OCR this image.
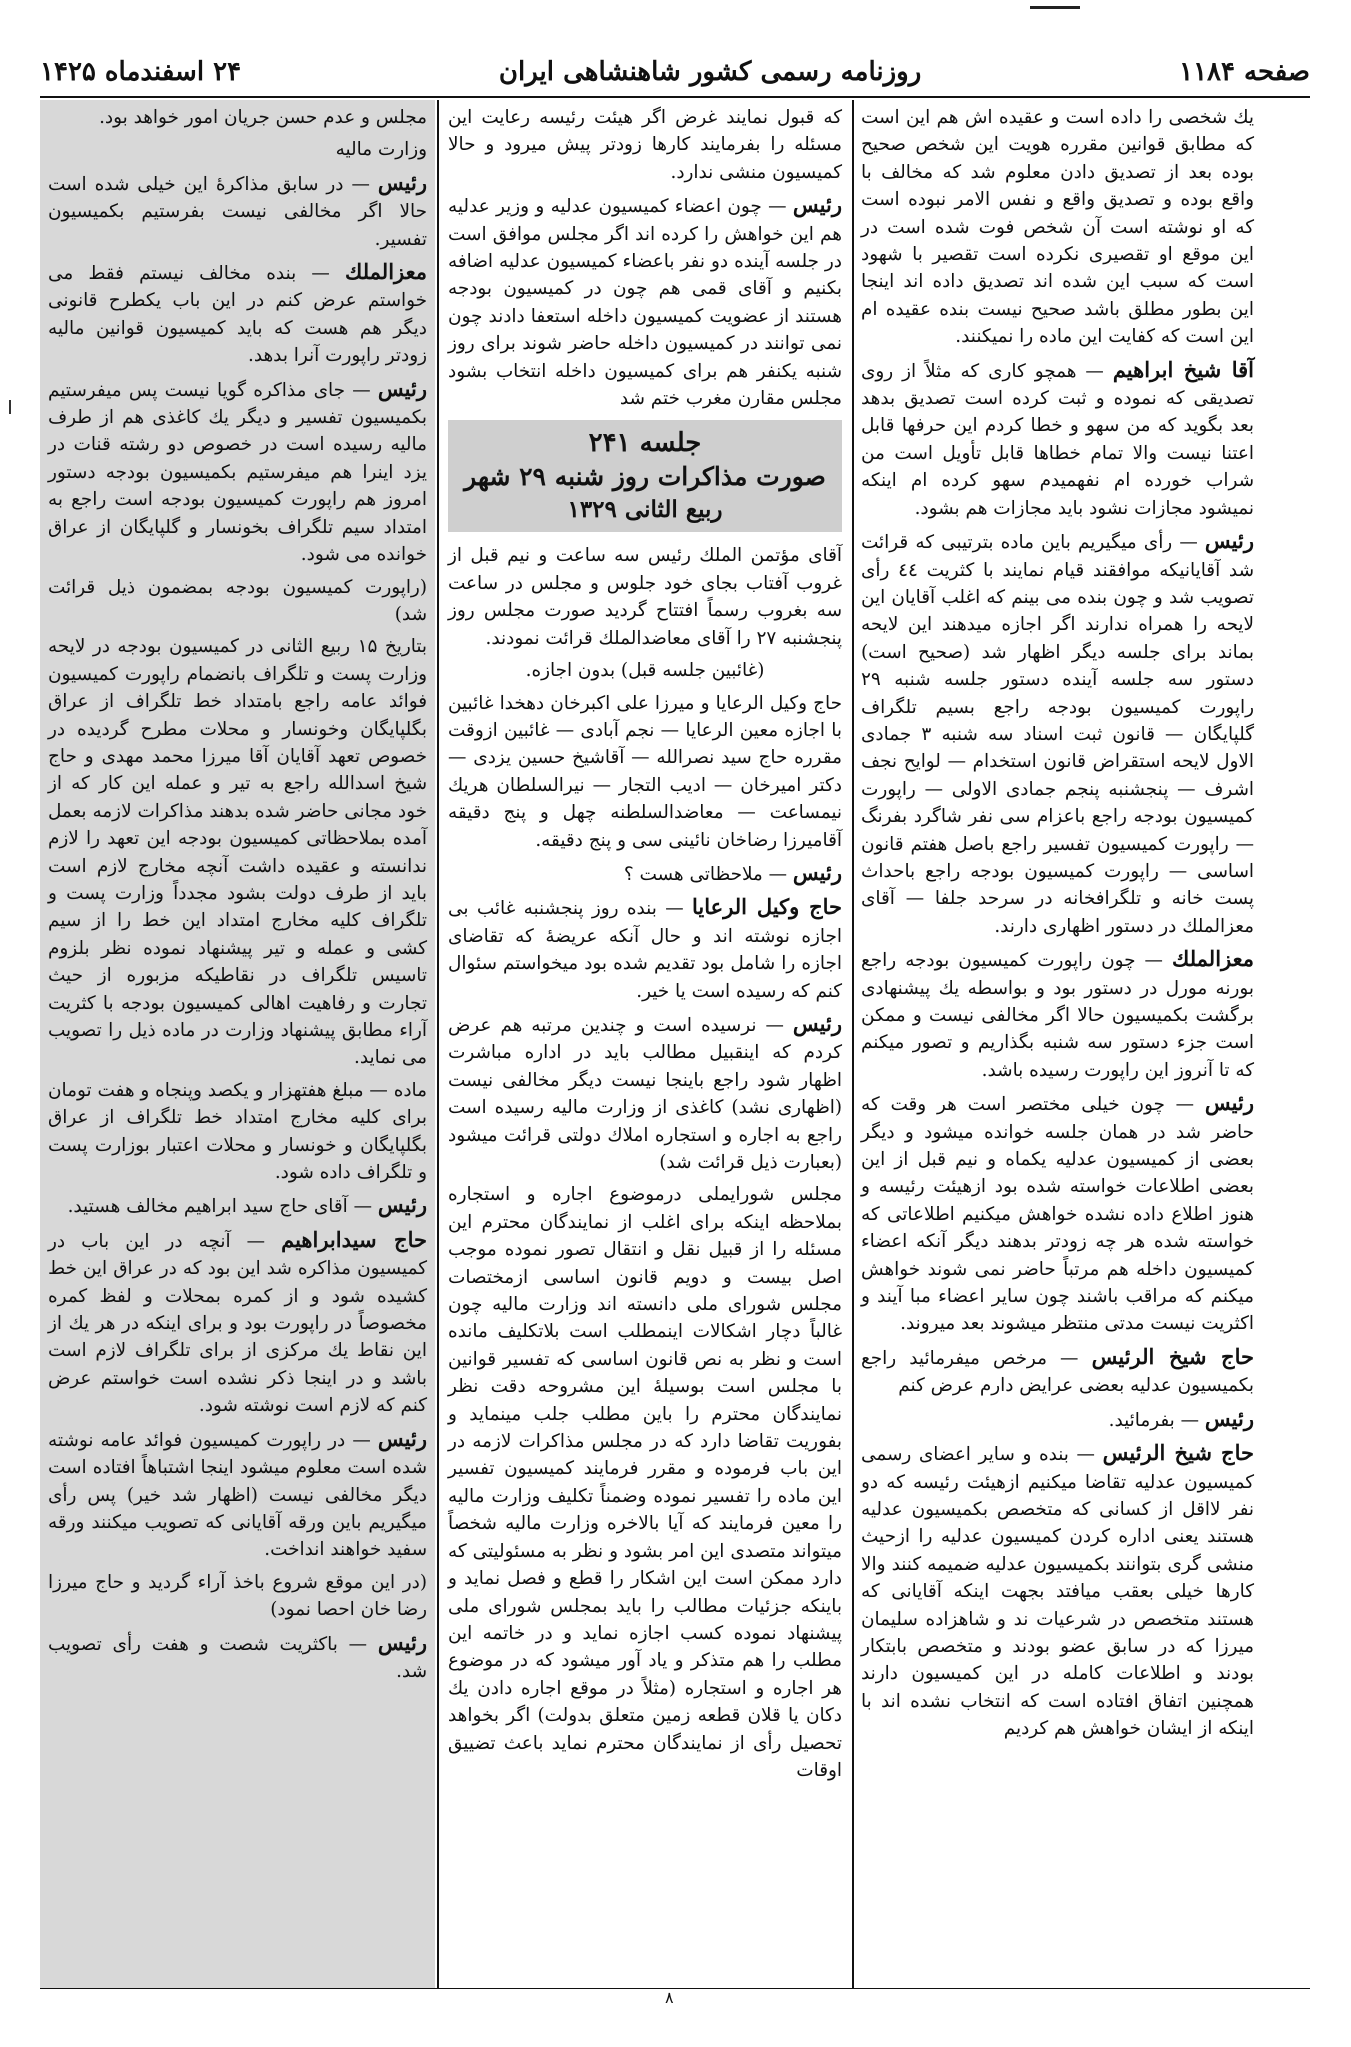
صفحه ۱۱۸۴
روزنامه رسمی کشور شاهنشاهی ایران
۲۴ اسفندماه ۱۴۲۵

یك شخصی را داده است و عقیده اش هم این است که مطابق قوانین مقرره هویت این شخص صحیح بوده بعد از تصدیق دادن معلوم شد که مخالف با واقع بوده و تصدیق واقع و نفس الامر نبوده است که او نوشته است آن شخص فوت شده است در این موقع او تقصیری نکرده است تقصیر با شهود است که سبب این شده اند تصدیق داده اند اینجا این بطور مطلق باشد صحیح نیست بنده عقیده ام این است که کفایت این ماده را نمیکنند.

آقا شیخ ابراهیم — همچو کاری که مثلاً از روی تصدیقی که نموده و ثبت کرده است تصدیق بدهد بعد بگوید که من سهو و خطا کردم این حرفها قابل اعتنا نیست والا تمام خطاها قابل تأویل است من شراب خورده ام نفهمیدم سهو کرده ام اینکه نمیشود مجازات نشود باید مجازات هم بشود.

رئیس — رأی میگیریم باین ماده بترتیبی که قرائت شد آقایانیکه موافقند قیام نمایند با کثریت ٤٤ رأی تصویب شد و چون بنده می بینم که اغلب آقایان این لایحه را همراه ندارند اگر اجازه میدهند این لایحه بماند برای جلسه دیگر اظهار شد (صحیح است) دستور سه جلسه آینده دستور جلسه شنبه ۲۹ راپورت کمیسیون بودجه راجع بسیم تلگراف گلپایگان — قانون ثبت اسناد سه شنبه ۳ جمادی الاول لایحه استقراض قانون استخدام — لوایح نجف اشرف — پنجشنبه پنجم جمادی الاولی — راپورت کمیسیون بودجه راجع باعزام سی نفر شاگرد بفرنگ — راپورت کمیسیون تفسیر راجع باصل هفتم قانون اساسی — راپورت کمیسیون بودجه راجع باحداث پست خانه و تلگرافخانه در سرحد جلفا — آقای معزالملك در دستور اظهاری دارند.

معزالملك — چون راپورت کمیسیون بودجه راجع بورنه مورل در دستور بود و بواسطه یك پیشنهادی برگشت بکمیسیون حالا اگر مخالفی نیست و ممکن است جزء دستور سه شنبه بگذاریم و تصور میکنم که تا آنروز این راپورت رسیده باشد.

رئیس — چون خیلی مختصر است هر وقت که حاضر شد در همان جلسه خوانده میشود و دیگر بعضی از کمیسیون عدلیه یکماه و نیم قبل از این بعضی اطلاعات خواسته شده بود ازهیئت رئیسه و هنوز اطلاع داده نشده خواهش میکنیم اطلاعاتی که خواسته شده هر چه زودتر بدهند دیگر آنکه اعضاء کمیسیون داخله هم مرتباً حاضر نمی شوند خواهش میکنم که مراقب باشند چون سایر اعضاء مبا آیند و اکثریت نیست مدتی منتظر میشوند بعد میروند.

حاج شیخ الرئیس — مرخص میفرمائید راجع بکمیسیون عدلیه بعضی عرایض دارم عرض کنم

رئیس — بفرمائید.

حاج شیخ الرئیس — بنده و سایر اعضای رسمی کمیسیون عدلیه تقاضا میکنیم ازهیئت رئیسه که دو نفر لااقل از کسانی که متخصص بکمیسیون عدلیه هستند یعنی اداره کردن کمیسیون عدلیه را ازحیث منشی گری بتوانند بکمیسیون عدلیه ضمیمه کنند والا کارها خیلی بعقب میافتد بجهت اینکه آقایانی که هستند متخصص در شرعیات ند و شاهزاده سلیمان میرزا که در سابق عضو بودند و متخصص بابتکار بودند و اطلاعات کامله در این کمیسیون دارند همچنین اتفاق افتاده است که انتخاب نشده اند با اینکه از ایشان خواهش هم کردیم

که قبول نمایند غرض اگر هیئت رئیسه رعایت این مسئله را بفرمایند کارها زودتر پیش میرود و حالا کمیسیون منشی ندارد.

رئیس — چون اعضاء کمیسیون عدلیه و وزیر عدلیه هم این خواهش را کرده اند اگر مجلس موافق است در جلسه آینده دو نفر باعضاء کمیسیون عدلیه اضافه بکنیم و آقای قمی هم چون در کمیسیون بودجه هستند از عضویت کمیسیون داخله استعفا دادند چون نمی توانند در کمیسیون داخله حاضر شوند برای روز شنبه یکنفر هم برای کمیسیون داخله انتخاب بشود مجلس مقارن مغرب ختم شد

جلسه ۲۴۱
صورت مذاکرات روز شنبه ۲۹ شهر
ربیع الثانی ۱۳۲۹

آقای مؤتمن الملك رئیس سه ساعت و نیم قبل از غروب آفتاب بجای خود جلوس و مجلس در ساعت سه بغروب رسماً افتتاح گردید صورت مجلس روز پنجشنبه ۲۷ را آقای معاضدالملك قرائت نمودند.

(غائبین جلسه قبل) بدون اجازه.

حاج وکیل الرعایا و میرزا علی اکبرخان دهخدا غائبین با اجازه معین الرعایا — نجم آبادی — غائبین ازوقت مقرره حاج سید نصرالله — آقاشیخ حسین یزدی — دکتر امیرخان — ادیب التجار — نیرالسلطان هریك نیمساعت — معاضدالسلطنه چهل و پنج دقیقه آقامیرزا رضاخان نائینی سی و پنج دقیقه.

رئیس — ملاحظاتی هست ؟

حاج وکیل الرعایا — بنده روز پنجشنبه غائب بی اجازه نوشته اند و حال آنکه عریضهٔ که تقاضای اجازه را شامل بود تقدیم شده بود میخواستم سئوال کنم که رسیده است یا خیر.

رئیس — نرسیده است و چندین مرتبه هم عرض کردم که اینقبیل مطالب باید در اداره مباشرت اظهار شود راجع باینجا نیست دیگر مخالفی نیست (اظهاری نشد) کاغذی از وزارت مالیه رسیده است راجع به اجاره و استجاره املاك دولتی قرائت میشود (بعبارت ذیل قرائت شد)

مجلس شورایملی درموضوع اجاره و استجاره بملاحظه اینکه برای اغلب از نمایندگان محترم این مسئله را از قبیل نقل و انتقال تصور نموده موجب اصل بیست و دویم قانون اساسی ازمختصات مجلس شورای ملی دانسته اند وزارت مالیه چون غالباً دچار اشکالات اینمطلب است بلاتکلیف مانده است و نظر به نص قانون اساسی که تفسیر قوانین با مجلس است بوسیلهٔ این مشروحه دقت نظر نمایندگان محترم را باین مطلب جلب مینماید و بفوریت تقاضا دارد که در مجلس مذاکرات لازمه در این باب فرموده و مقرر فرمایند کمیسیون تفسیر این ماده را تفسیر نموده وضمناً تکلیف وزارت مالیه را معین فرمایند که آیا بالاخره وزارت مالیه شخصاً میتواند متصدی این امر بشود و نظر به مسئولیتی که دارد ممکن است این اشکار را قطع و فصل نماید و باینکه جزئیات مطالب را باید بمجلس شورای ملی پیشنهاد نموده کسب اجازه نماید و در خاتمه این مطلب را هم متذکر و یاد آور میشود که در موضوع هر اجاره و استجاره (مثلاً در موقع اجاره دادن یك دکان یا قلان قطعه زمین متعلق بدولت) اگر بخواهد تحصیل رأی از نمایندگان محترم نماید باعث تضییق اوقات

مجلس و عدم حسن جریان امور خواهد بود.

وزارت مالیه

رئیس — در سابق مذاکرهٔ این خیلی شده است حالا اگر مخالفی نیست بفرستیم بکمیسیون تفسیر.

معزالملك — بنده مخالف نیستم فقط می خواستم عرض کنم در این باب یکطرح قانونی دیگر هم هست که باید کمیسیون قوانین مالیه زودتر راپورت آنرا بدهد.

رئیس — جای مذاکره گویا نیست پس میفرستیم بکمیسیون تفسیر و دیگر یك کاغذی هم از طرف مالیه رسیده است در خصوص دو رشته قنات در یزد اینرا هم میفرستیم بکمیسیون بودجه دستور امروز هم راپورت کمیسیون بودجه است راجع به امتداد سیم تلگراف بخونسار و گلپایگان از عراق خوانده می شود.

(راپورت کمیسیون بودجه بمضمون ذیل قرائت شد)

بتاریخ ۱۵ ربیع الثانی در کمیسیون بودجه در لایحه وزارت پست و تلگراف بانضمام راپورت کمیسیون فوائد عامه راجع بامتداد خط تلگراف از عراق بگلپایگان وخونسار و محلات مطرح گردیده در خصوص تعهد آقایان آقا میرزا محمد مهدی و حاج شیخ اسدالله راجع به تیر و عمله این کار که از خود مجانی حاضر شده بدهند مذاکرات لازمه بعمل آمده بملاحظاتی کمیسیون بودجه این تعهد را لازم ندانسته و عقیده داشت آنچه مخارج لازم است باید از طرف دولت بشود مجدداً وزارت پست و تلگراف کلیه مخارج امتداد این خط را از سیم کشی و عمله و تیر پیشنهاد نموده نظر بلزوم تاسیس تلگراف در نقاطیکه مزبوره از حیث تجارت و رفاهیت اهالی کمیسیون بودجه با کثریت آراء مطابق پیشنهاد وزارت در ماده ذیل را تصویب می نماید.

ماده — مبلغ هفتهزار و یکصد وپنجاه و هفت تومان برای کلیه مخارج امتداد خط تلگراف از عراق بگلپایگان و خونسار و محلات اعتبار بوزارت پست و تلگراف داده شود.

رئیس — آقای حاج سید ابراهیم مخالف هستید.

حاج سیدابراهیم — آنچه در این باب در کمیسیون مذاکره شد این بود که در عراق این خط کشیده شود و از کمره بمحلات و لفظ کمره مخصوصاً در راپورت بود و برای اینکه در هر یك از این نقاط یك مرکزی از برای تلگراف لازم است باشد و در اینجا ذکر نشده است خواستم عرض کنم که لازم است نوشته شود.

رئیس — در راپورت کمیسیون فوائد عامه نوشته شده است معلوم میشود اینجا اشتباهاً افتاده است دیگر مخالفی نیست (اظهار شد خیر) پس رأی میگیریم باین ورقه آقایانی که تصویب میکنند ورقه سفید خواهند انداخت.

(در این موقع شروع باخذ آراء گردید و حاج میرزا رضا خان احصا نمود)

رئیس — باکثریت شصت و هفت رأی تصویب شد.

۸
